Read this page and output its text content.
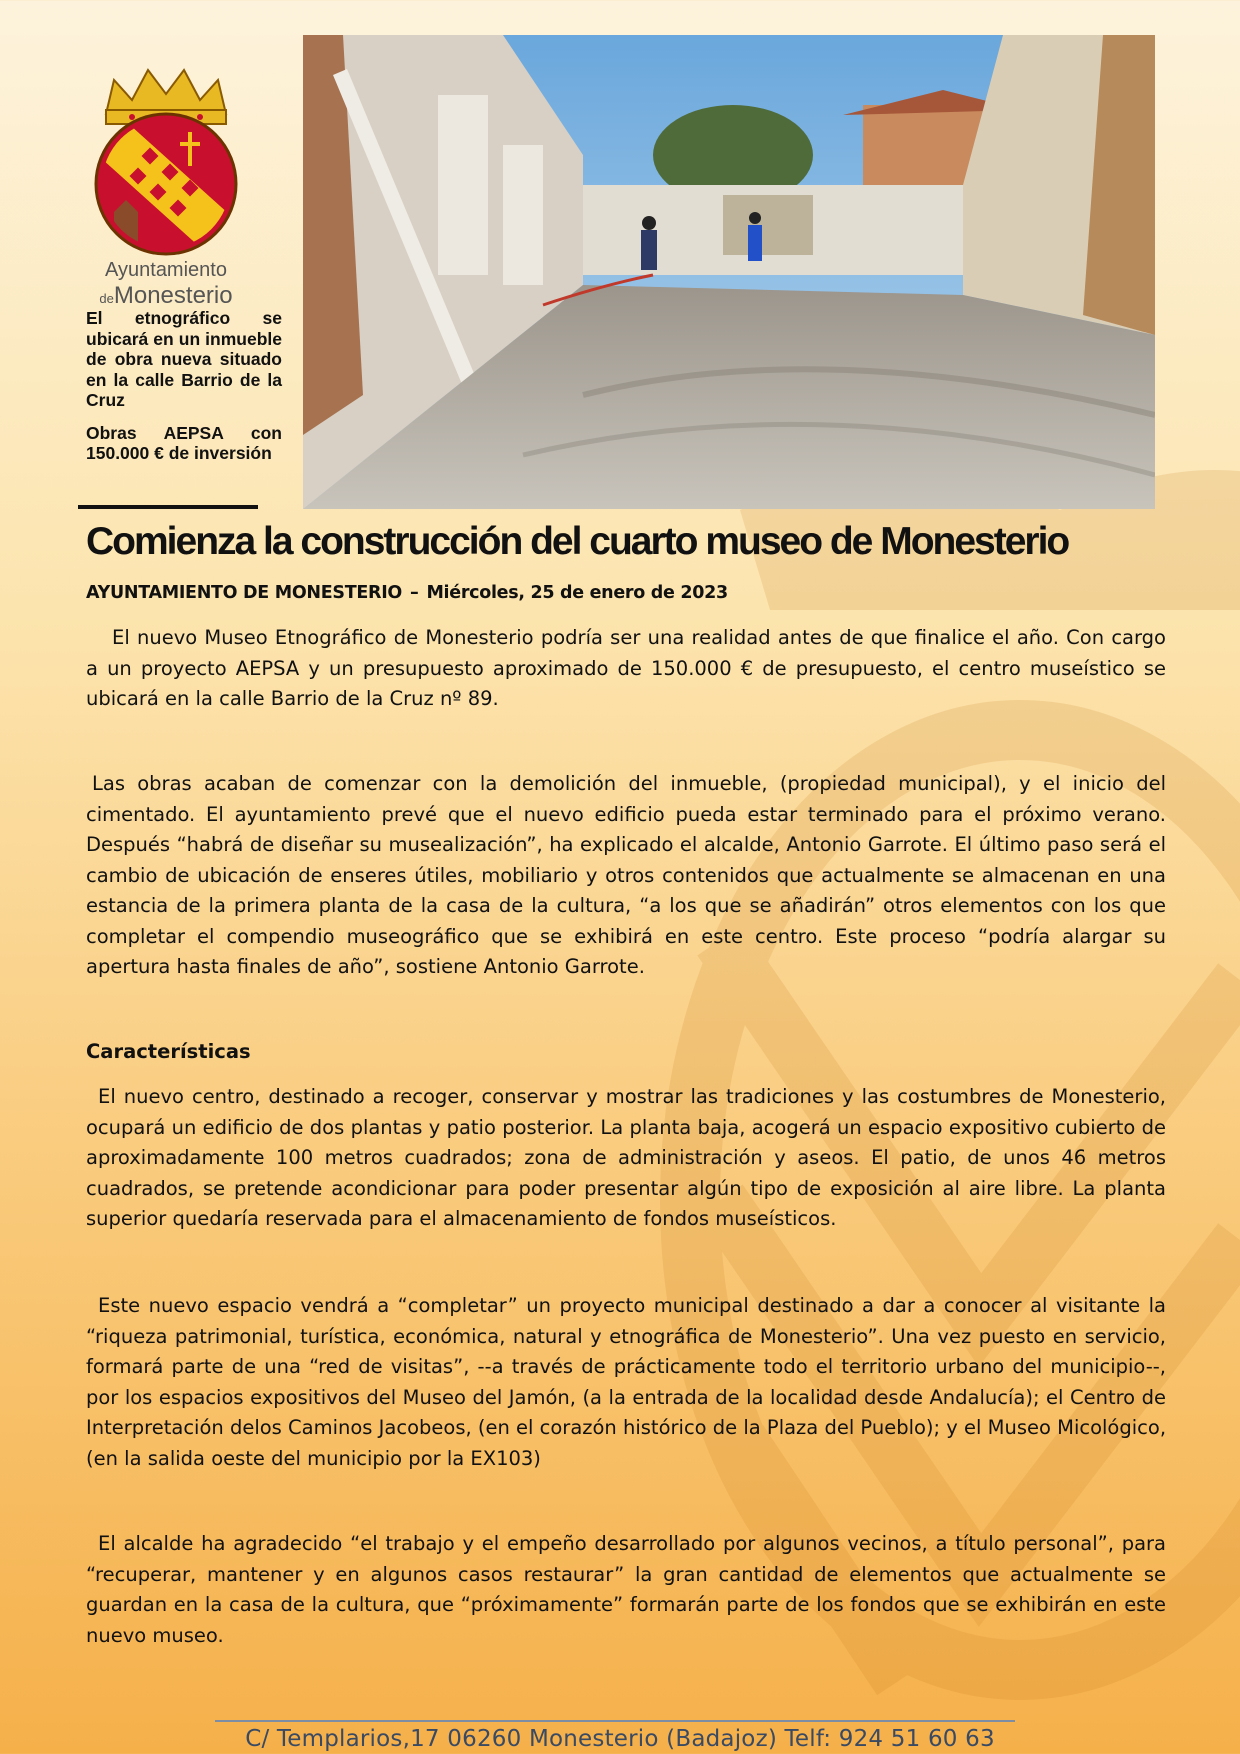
Ayuntamiento
deMonesterio

El etnográfico se ubicará en un inmueble de obra nueva situado en la calle Barrio de la Cruz

Obras AEPSA con 150.000 € de inversión

Comienza la construcción del cuarto museo de Monesterio
AYUNTAMIENTO DE MONESTERIO – Miércoles, 25 de enero de 2023

El nuevo Museo Etnográfico de Monesterio podría ser una realidad antes de que finalice el año. Con cargo a un proyecto AEPSA y un presupuesto aproximado de 150.000 € de presupuesto, el centro museístico se ubicará en la calle Barrio de la Cruz nº 89.

Las obras acaban de comenzar con la demolición del inmueble, (propiedad municipal), y el inicio del cimentado. El ayuntamiento prevé que el nuevo edificio pueda estar terminado para el próximo verano. Después “habrá de diseñar su musealización”, ha explicado el alcalde, Antonio Garrote. El último paso será el cambio de ubicación de enseres útiles, mobiliario y otros contenidos que actualmente se almacenan en una estancia de la primera planta de la casa de la cultura, “a los que se añadirán” otros elementos con los que completar el compendio museográfico que se exhibirá en este centro. Este proceso “podría alargar su apertura hasta finales de año”, sostiene Antonio Garrote.

Características

El nuevo centro, destinado a recoger, conservar y mostrar las tradiciones y las costumbres de Monesterio, ocupará un edificio de dos plantas y patio posterior. La planta baja, acogerá un espacio expositivo cubierto de aproximadamente 100 metros cuadrados; zona de administración y aseos. El patio, de unos 46 metros cuadrados, se pretende acondicionar para poder presentar algún tipo de exposición al aire libre. La planta superior quedaría reservada para el almacenamiento de fondos museísticos.

Este nuevo espacio vendrá a “completar” un proyecto municipal destinado a dar a conocer al visitante la “riqueza patrimonial, turística, económica, natural y etnográfica de Monesterio”. Una vez puesto en servicio, formará parte de una “red de visitas”, --a través de prácticamente todo el territorio urbano del municipio--, por los espacios expositivos del Museo del Jamón, (a la entrada de la localidad desde Andalucía); el Centro de Interpretación delos Caminos Jacobeos, (en el corazón histórico de la Plaza del Pueblo); y el Museo Micológico, (en la salida oeste del municipio por la EX103)

El alcalde ha agradecido “el trabajo y el empeño desarrollado por algunos vecinos, a título personal”, para “recuperar, mantener y en algunos casos restaurar” la gran cantidad de elementos que actualmente se guardan en la casa de la cultura, que “próximamente” formarán parte de los fondos que se exhibirán en este nuevo museo.

C/ Templarios,17 06260 Monesterio (Badajoz) Telf: 924 51 60 63
